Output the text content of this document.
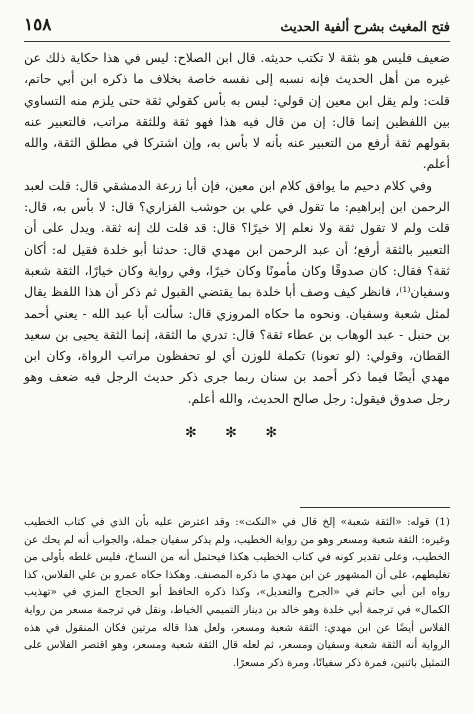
فتح المغيث بشرح ألفية الحديث
١٥٨

ضعيف فليس هو بثقة لا تكتب حديثه. قال ابن الصلاح: ليس في هذا حكاية ذلك عن غيره من أهل الحديث فإنه نسبه إلى نفسه خاصة بخلاف ما ذكره ابن أبي حاتم، قلت: ولم يقل ابن معين إن قولي: ليس به بأس كقولي ثقة حتى يلزم منه التساوي بين اللفظين إنما قال: إن من قال فيه هذا فهو ثقة وللثقة مراتب، فالتعبير عنه بقولهم ثقة أرفع من التعبير عنه بأنه لا بأس به، وإن اشتركا في مطلق الثقة، والله أعلم.

وفي كلام دحيم ما يوافق كلام ابن معين، فإن أبا زرعة الدمشقي قال: قلت لعبد الرحمن ابن إبراهيم: ما تقول في علي بن حوشب الفزاري؟ قال: لا بأس به، قال: قلت ولم لا تقول ثقة ولا نعلم إلا خيرًا؟ قال: قد قلت لك إنه ثقة. ويدل على أن التعبير بالثقة أرفع؛ أن عبد الرحمن ابن مهدي قال: حدثنا أبو خلدة فقيل له: أكان ثقة؟ فقال: كان صدوقًا وكان مأمونًا وكان خيرًا، وفي رواية وكان خيارًا، الثقة شعبة وسفيان⁽¹⁾، فانظر كيف وصف أبا خلدة بما يقتضي القبول ثم ذكر أن هذا اللفظ يقال لمثل شعبة وسفيان. ونحوه ما حكاه المروزي قال: سألت أبا عبد الله - يعني أحمد بن حنبل - عبد الوهاب بن عطاء ثقة؟ قال: تدري ما الثقة، إنما الثقة يحيى بن سعيد القطان، وقولي: (لو تعونا) تكملة للوزن أي لو تحفظون مراتب الرواة، وكان ابن مهدي أيضًا فيما ذكر أحمد بن سنان ربما جرى ذكر حديث الرجل فيه ضعف وهو رجل صدوق فيقول: رجل صالح الحديث، والله أعلم.

✻ ✻ ✻

(1) قوله: «الثقة شعبة» إلخ قال في «النكت»: وقد اعترض عليه بأن الذي في كتاب الخطيب وغيره: الثقة شعبة ومسعر وهو من رواية الخطيب، ولم يذكر سفيان جملة، والجواب أنه لم يحك عن الخطيب، وعلى تقدير كونه في كتاب الخطيب هكذا فيحتمل أنه من النساخ، فليس غلطه بأولى من تغليطهم، على أن المشهور عن ابن مهدي ما ذكره المصنف. وهكذا حكاه عمرو بن علي الفلاس، كذا رواه ابن أبي حاتم في «الجرح والتعديل»، وكذا ذكره الحافظ أبو الحجاج المزي في «تهذيب الكمال» في ترجمة أبي خلدة وهو خالد بن دينار التميمي الخياط، ونقل في ترجمة مسعر من رواية الفلاس أيضًا عن ابن مهدي: الثقة شعبة ومسعر، ولعل هذا قاله مرتين فكان المنقول في هذه الرواية أنه الثقة شعبة وسفيان ومسعر، ثم لعله قال الثقة شعبة ومسعر، وهو اقتصر الفلاس على التمثيل باثنين، فمرة ذكر سفيانًا، ومرة ذكر مسعرًا.
